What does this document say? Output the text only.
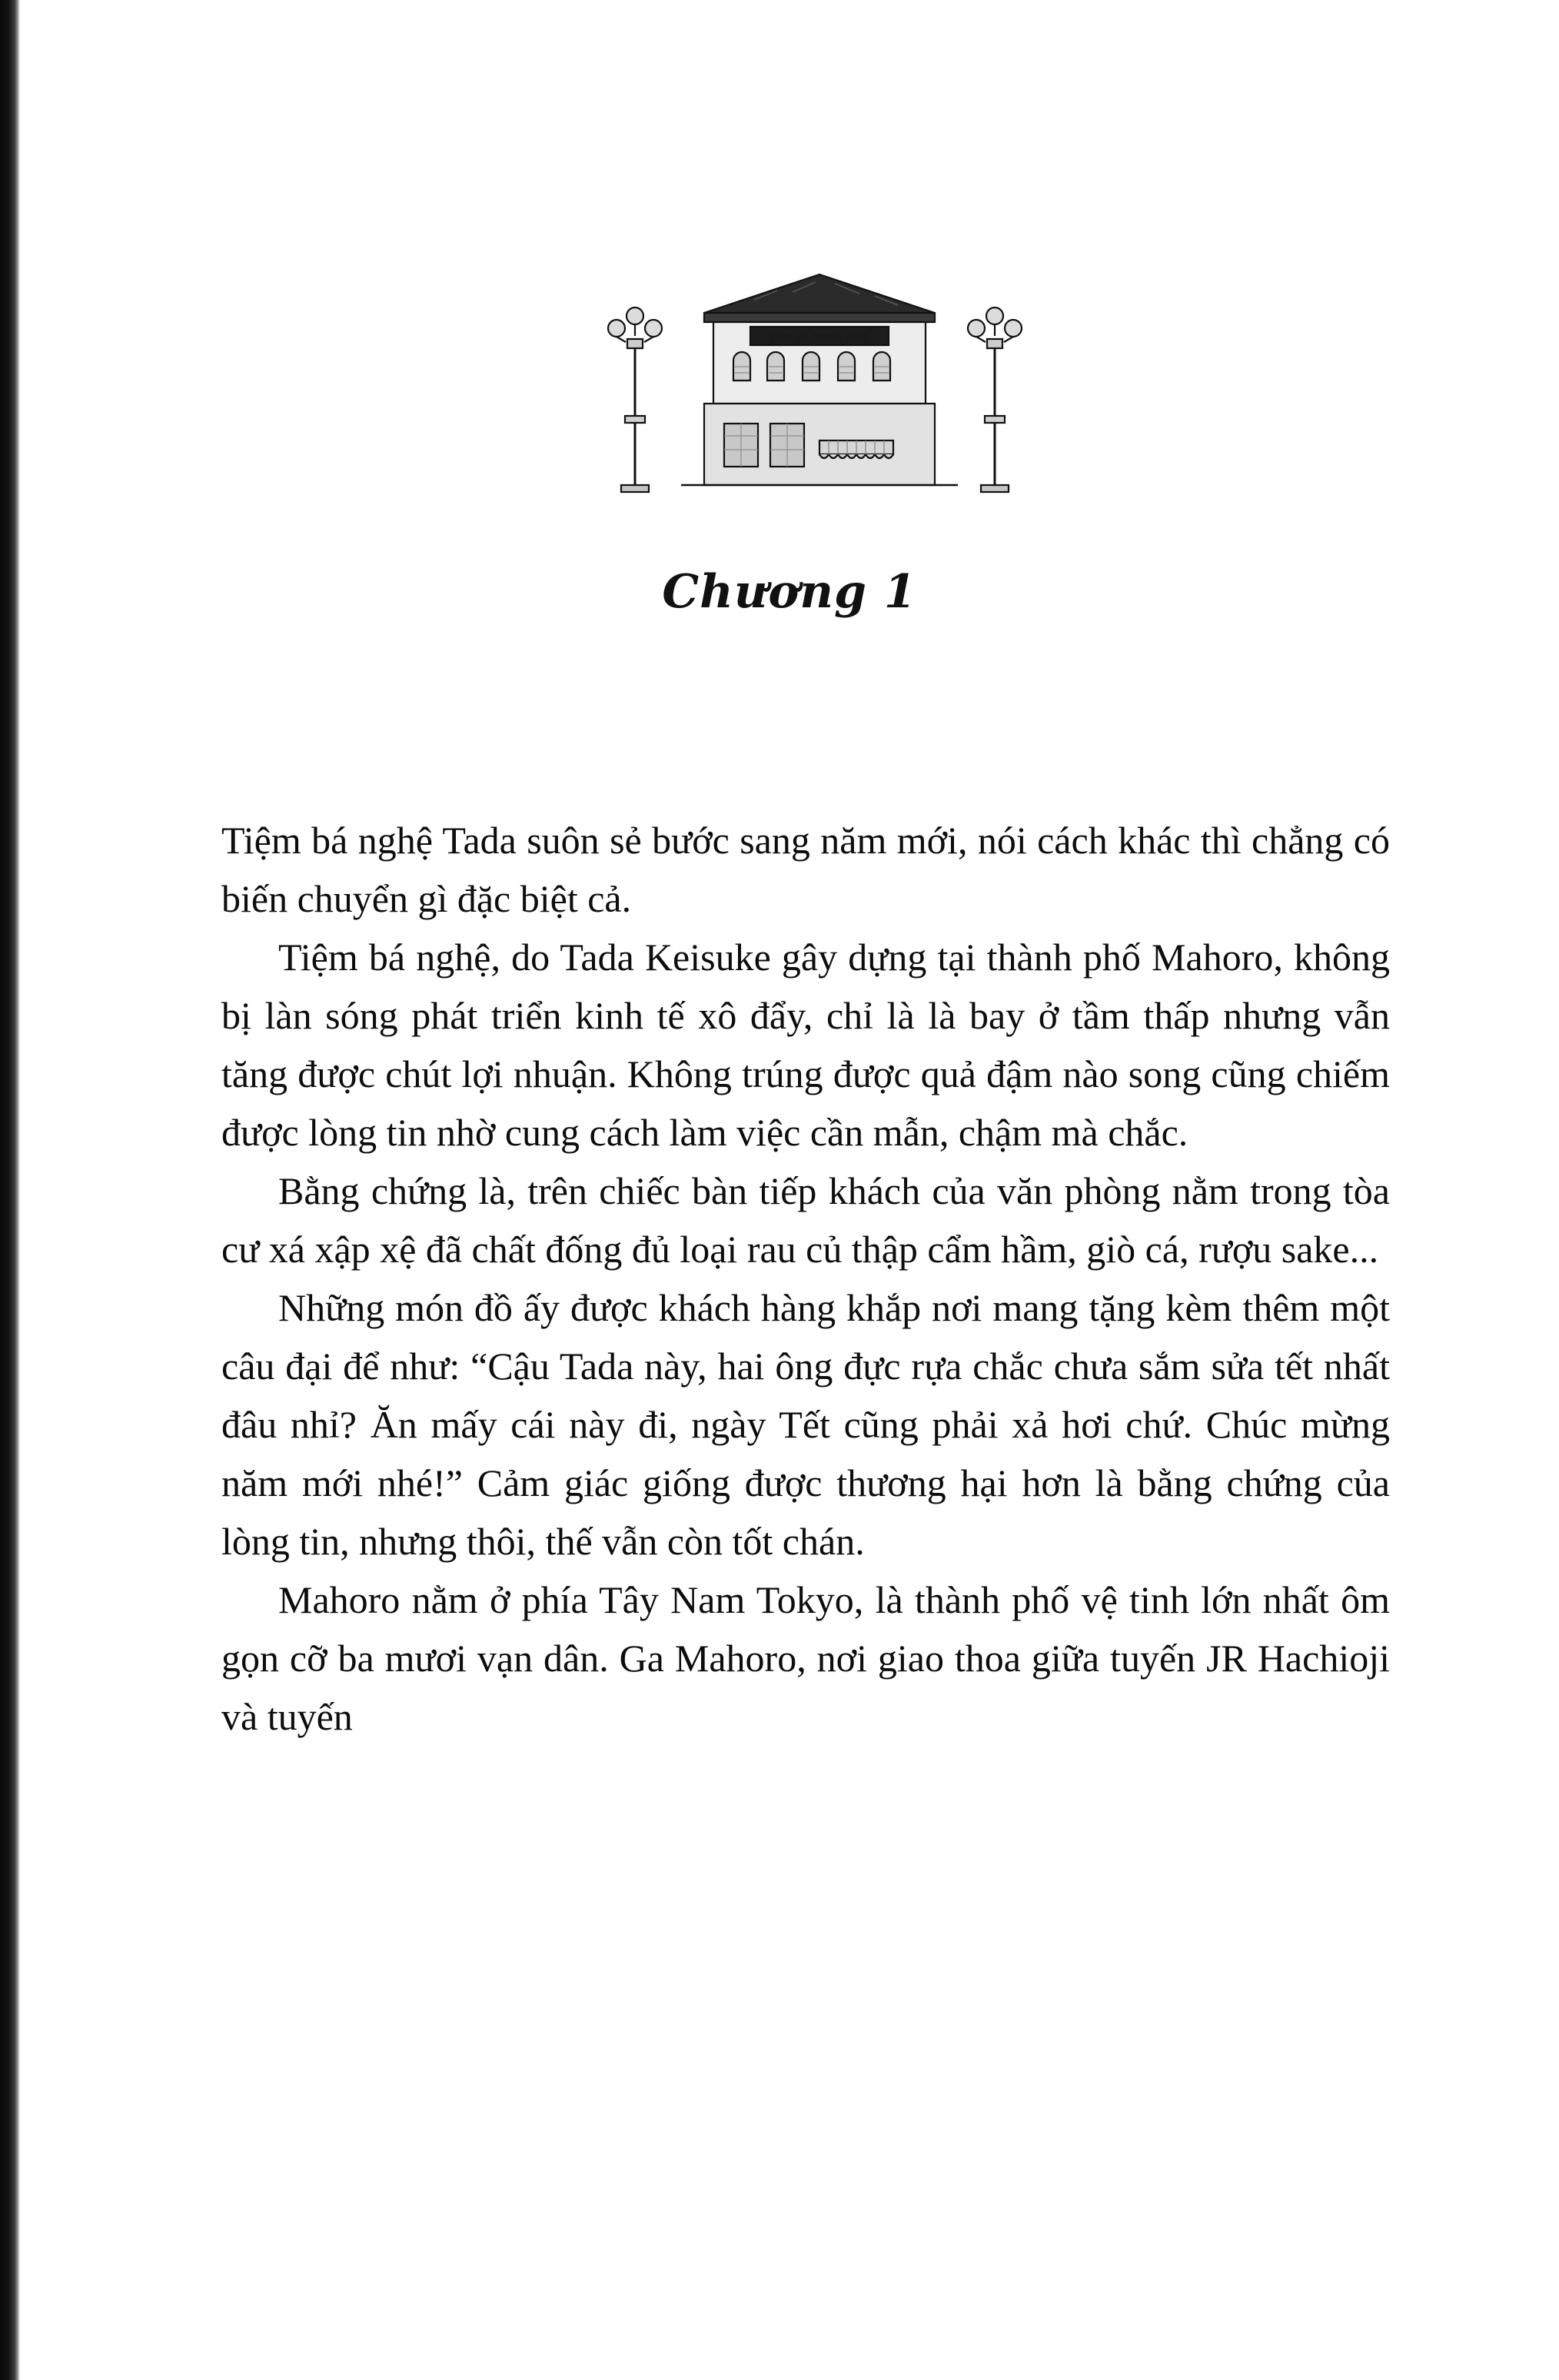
TIỆM BÁ NGHỆ TADA
Chương 1

Tiệm bá nghệ Tada suôn sẻ bước sang năm mới, nói cách khác thì chẳng có biến chuyển gì đặc biệt cả.

Tiệm bá nghệ, do Tada Keisuke gây dựng tại thành phố Mahoro, không bị làn sóng phát triển kinh tế xô đẩy, chỉ là là bay ở tầm thấp nhưng vẫn tăng được chút lợi nhuận. Không trúng được quả đậm nào song cũng chiếm được lòng tin nhờ cung cách làm việc cần mẫn, chậm mà chắc.

Bằng chứng là, trên chiếc bàn tiếp khách của văn phòng nằm trong tòa cư xá xập xệ đã chất đống đủ loại rau củ thập cẩm hầm, giò cá, rượu sake...

Những món đồ ấy được khách hàng khắp nơi mang tặng kèm thêm một câu đại để như: “Cậu Tada này, hai ông đực rựa chắc chưa sắm sửa tết nhất đâu nhỉ? Ăn mấy cái này đi, ngày Tết cũng phải xả hơi chứ. Chúc mừng năm mới nhé!” Cảm giác giống được thương hại hơn là bằng chứng của lòng tin, nhưng thôi, thế vẫn còn tốt chán.

Mahoro nằm ở phía Tây Nam Tokyo, là thành phố vệ tinh lớn nhất ôm gọn cỡ ba mươi vạn dân. Ga Mahoro, nơi giao thoa giữa tuyến JR Hachioji và tuyến
